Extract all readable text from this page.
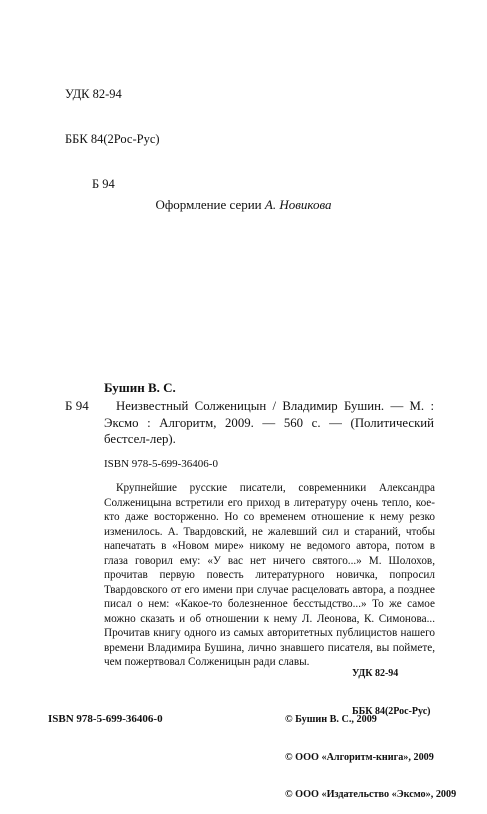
УДК 82-94

ББК 84(2Рос-Рус)

Б 94

Оформление серии А. Новикова
Бушин В. С.
Б 94	Неизвестный Солженицын / Владимир Бушин. — М. : Эксмо : Алгоритм, 2009. — 560 с. — (Политический бестсел-лер).
ISBN 978-5-699-36406-0
Крупнейшие русские писатели, современники Александра Солженицына встретили его приход в литературу очень тепло, кое-кто даже восторженно. Но со временем отношение к нему резко изменилось. А. Твардовский, не жалевший сил и стараний, чтобы напечатать в «Новом мире» никому не ведомого автора, потом в глаза говорил ему: «У вас нет ничего святого...» М. Шолохов, прочитав первую повесть литературного новичка, попросил Твардовского от его имени при случае расцеловать автора, а позднее писал о нем: «Какое-то болезненное бесстыдство...» То же самое можно сказать и об отношении к нему Л. Леонова, К. Симонова... Прочитав книгу одного из самых авторитетных публицистов нашего времени Владимира Бушина, лично знавшего писателя, вы поймете, чем пожертвовал Солженицын ради славы.

УДК 82-94

ББК 84(2Рос-Рус)

ISBN 978-5-699-36406-0

	© Бушин В. С., 2009

© ООО «Алгоритм-книга», 2009

© ООО «Издательство «Эксмо», 2009
